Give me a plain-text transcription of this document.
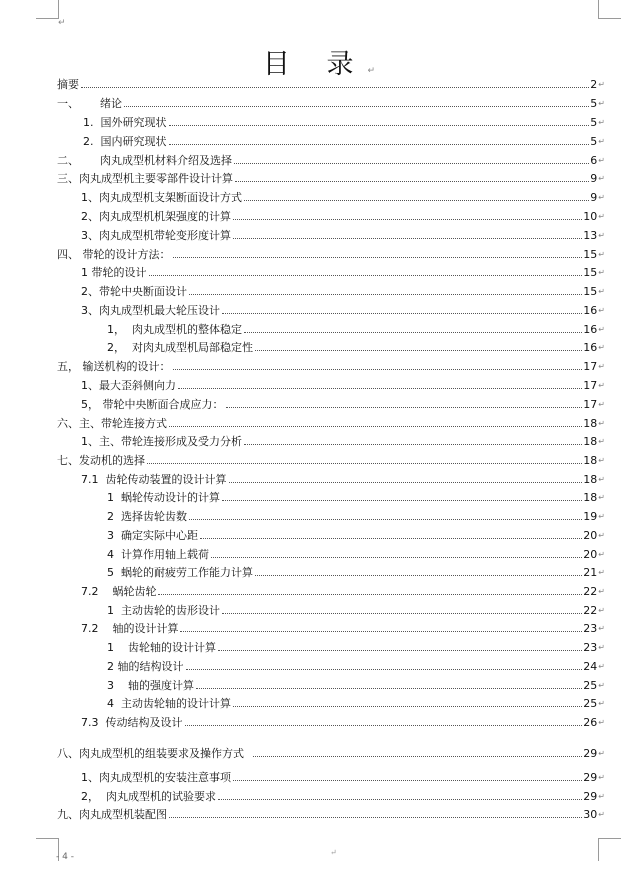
↵
目 录↵
摘要	2 ↵
一、      绪论	5 ↵
1.  国外研究现状	5 ↵
2.  国内研究现状	5 ↵
二、      肉丸成型机材料介绍及选择	6 ↵
三、肉丸成型机主要零部件设计计算	9 ↵
1、肉丸成型机支架断面设计方式	9 ↵
2、肉丸成型机机架强度的计算	10 ↵
3、肉丸成型机带轮变形度计算	13 ↵
四、 带轮的设计方法：	15 ↵
1 带轮的设计	15 ↵
2、带轮中央断面设计	15 ↵
3、肉丸成型机最大轮压设计	16 ↵
1，  肉丸成型机的整体稳定	16 ↵
2，  对肉丸成型机局部稳定性	16 ↵
五， 输送机构的设计：	17 ↵
1、最大歪斜侧向力	17 ↵
5， 带轮中央断面合成应力：	17 ↵
六、主、带轮连接方式	18 ↵
1、主、带轮连接形成及受力分析	18 ↵
七、发动机的选择	18 ↵
7.1  齿轮传动装置的设计计算	18 ↵
1  蜗轮传动设计的计算	18 ↵
2  选择齿轮齿数	19 ↵
3  确定实际中心距	20 ↵
4  计算作用轴上载荷	20 ↵
5  蜗轮的耐疲劳工作能力计算	21 ↵
7.2    蜗轮齿轮	22 ↵
1  主动齿轮的齿形设计	22 ↵
7.2    轴的设计计算	23 ↵
1    齿轮轴的设计计算	23 ↵
2 轴的结构设计	24 ↵
3    轴的强度计算	25 ↵
4  主动齿轮轴的设计计算	25 ↵
7.3  传动结构及设计	26 ↵
八、肉丸成型机的组装要求及操作方式	29 ↵
1、肉丸成型机的安装注意事项	29 ↵
2，  肉丸成型机的试验要求	29 ↵
九、肉丸成型机装配图	30 ↵
- 4 -	↵
